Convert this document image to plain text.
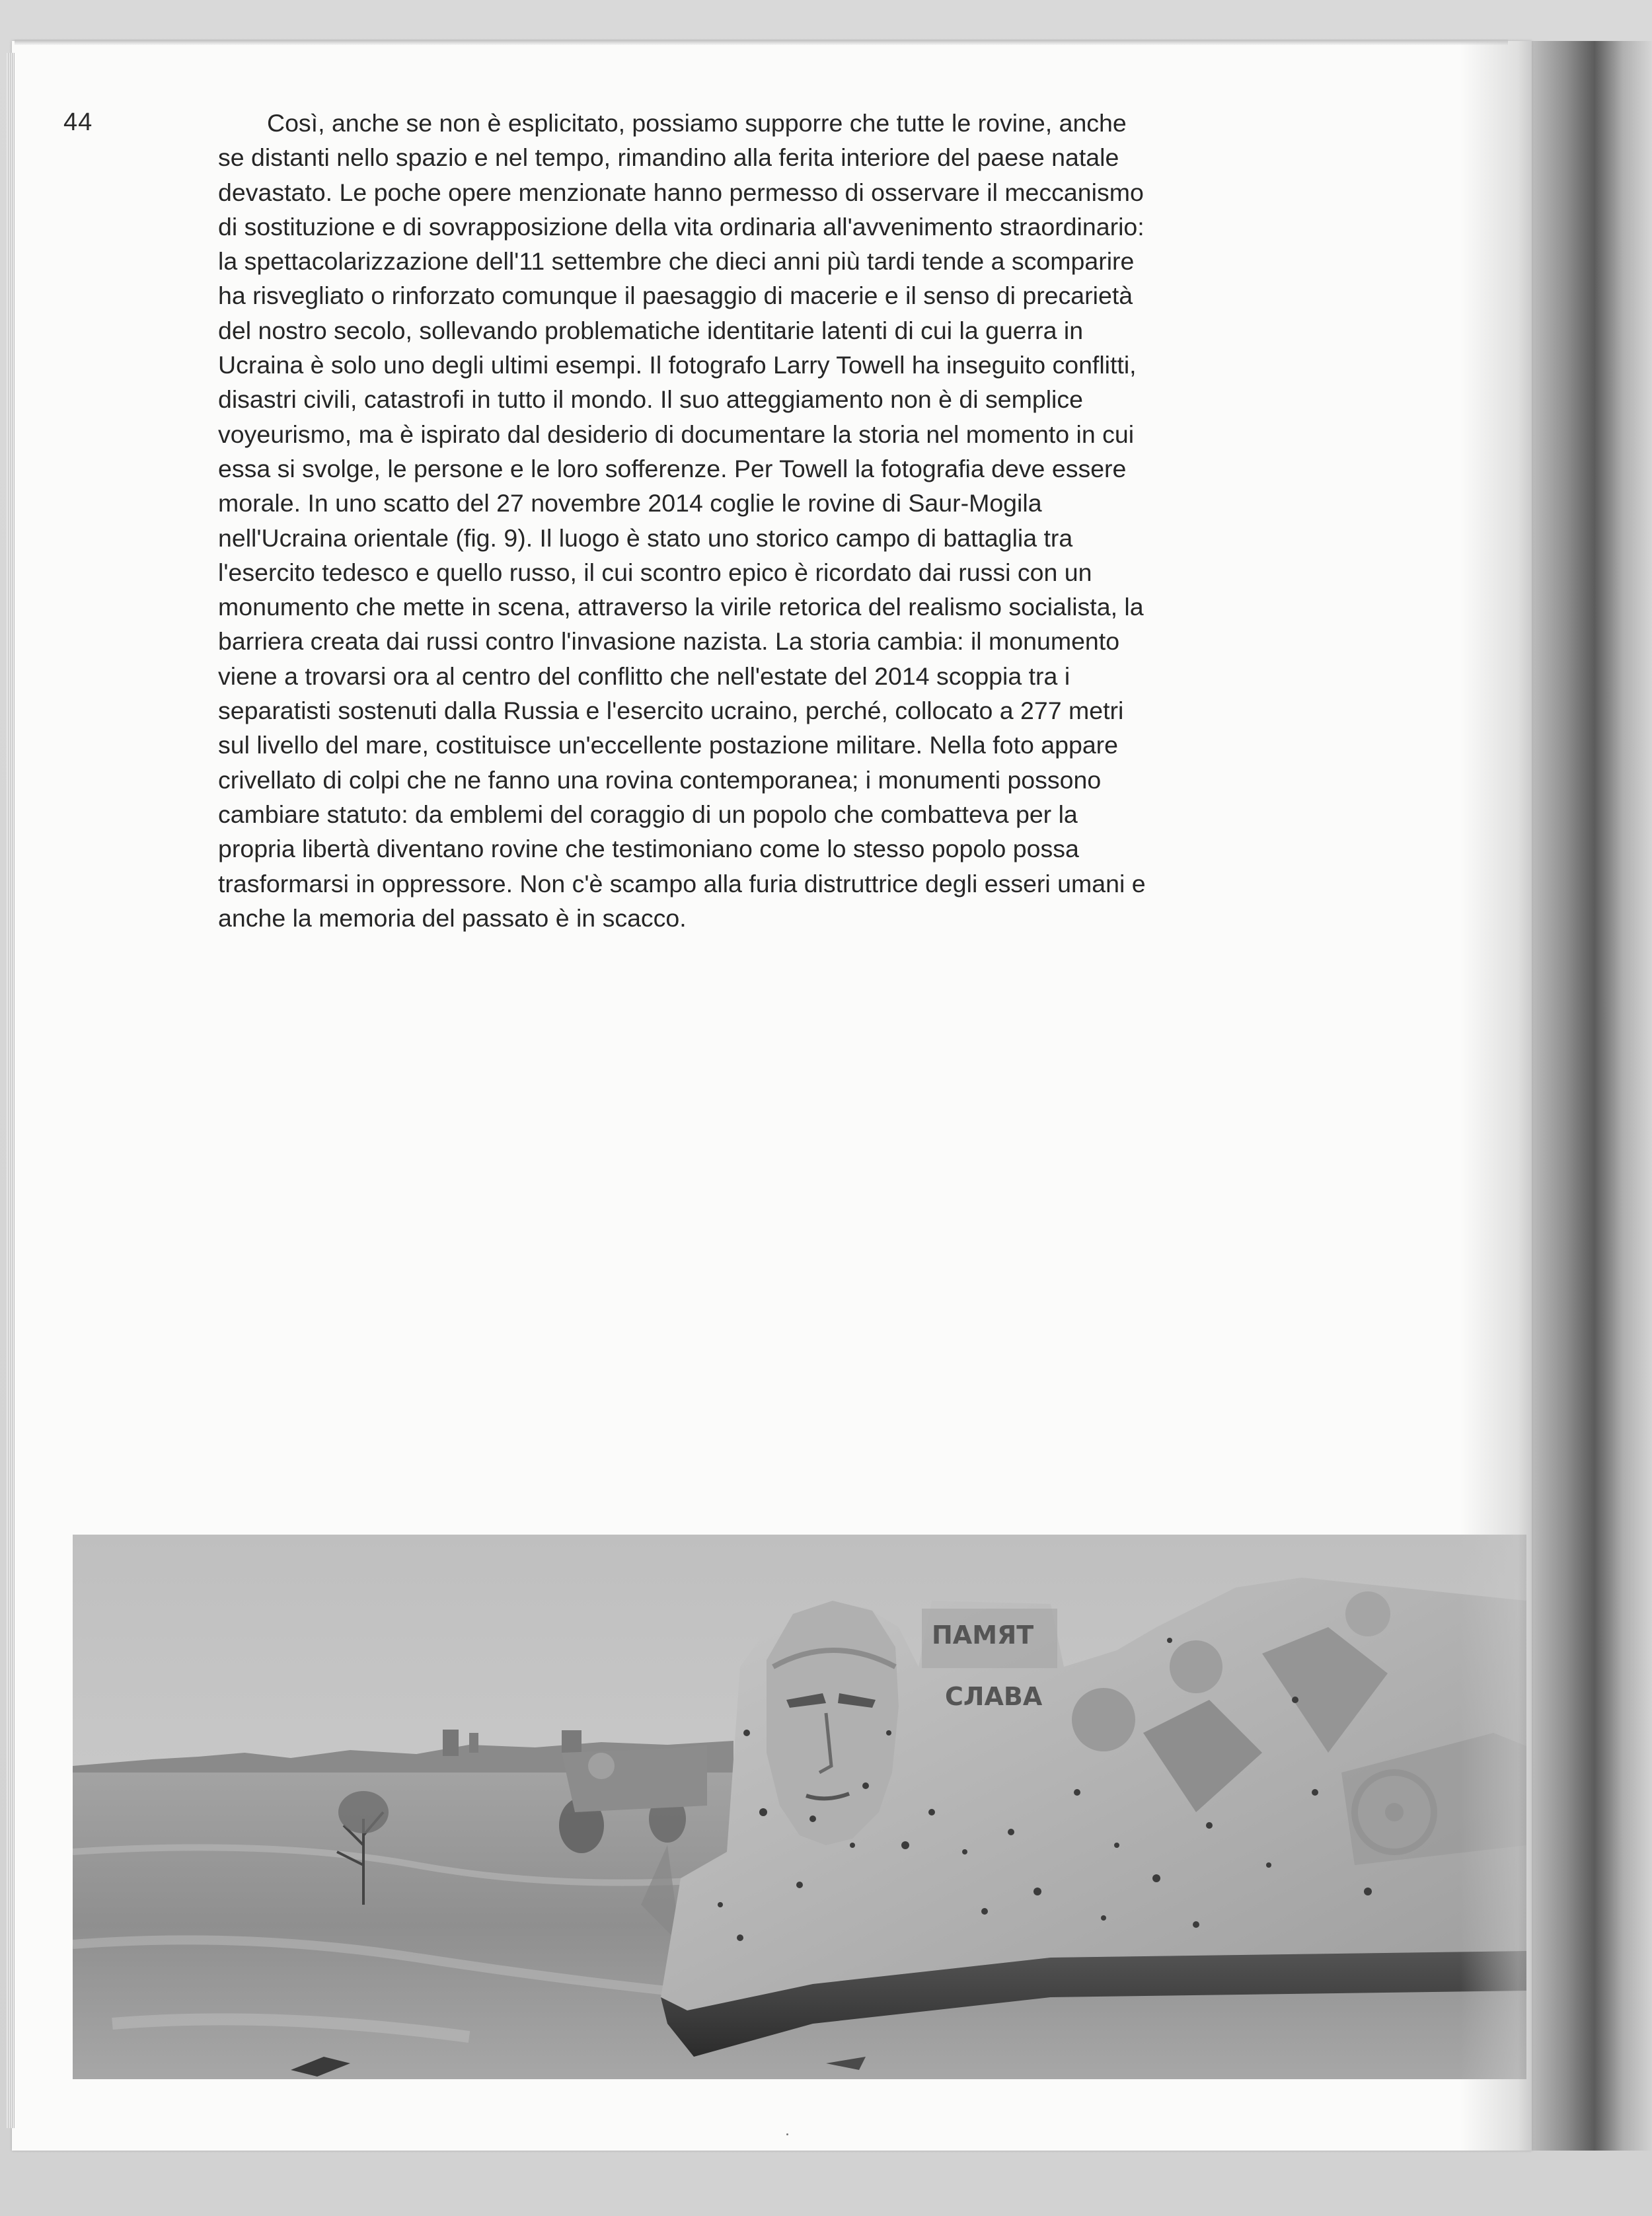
44	Così, anche se non è esplicitato, possiamo supporre che tutte le rovine, anche se distanti nello spazio e nel tempo, rimandino alla ferita interiore del paese natale devastato. Le poche opere menzionate hanno permesso di osservare il meccanismo di sostituzione e di sovrapposizione della vita ordinaria all'avvenimento straordinario: la spettacolarizzazione dell'11 settembre che dieci anni più tardi tende a scomparire ha risvegliato o rinforzato comunque il paesaggio di macerie e il senso di precarietà del nostro secolo, sollevando problematiche identitarie latenti di cui la guerra in Ucraina è solo uno degli ultimi esempi. Il fotografo Larry Towell ha inseguito conflitti, disastri civili, catastrofi in tutto il mondo. Il suo atteggiamento non è di semplice voyeurismo, ma è ispirato dal desiderio di documentare la storia nel momento in cui essa si svolge, le persone e le loro sofferenze. Per Towell la fotografia deve essere morale. In uno scatto del 27 novembre 2014 coglie le rovine di Saur-Mogila nell'Ucraina orientale (fig. 9). Il luogo è stato uno storico campo di battaglia tra l'esercito tedesco e quello russo, il cui scontro epico è ricordato dai russi con un monumento che mette in scena, attraverso la virile retorica del realismo socialista, la barriera creata dai russi contro l'invasione nazista. La storia cambia: il monumento viene a trovarsi ora al centro del conflitto che nell'estate del 2014 scoppia tra i separatisti sostenuti dalla Russia e l'esercito ucraino, perché, collocato a 277 metri sul livello del mare, costituisce un'eccellente postazione militare. Nella foto appare crivellato di colpi che ne fanno una rovina contemporanea; i monumenti possono cambiare statuto: da emblemi del coraggio di un popolo che combatteva per la propria libertà diventano rovine che testimoniano come lo stesso popolo possa trasformarsi in oppressore. Non c'è scampo alla furia distruttrice degli esseri umani e anche la memoria del passato è in scacco.

ПАМЯТ
СЛАВА
